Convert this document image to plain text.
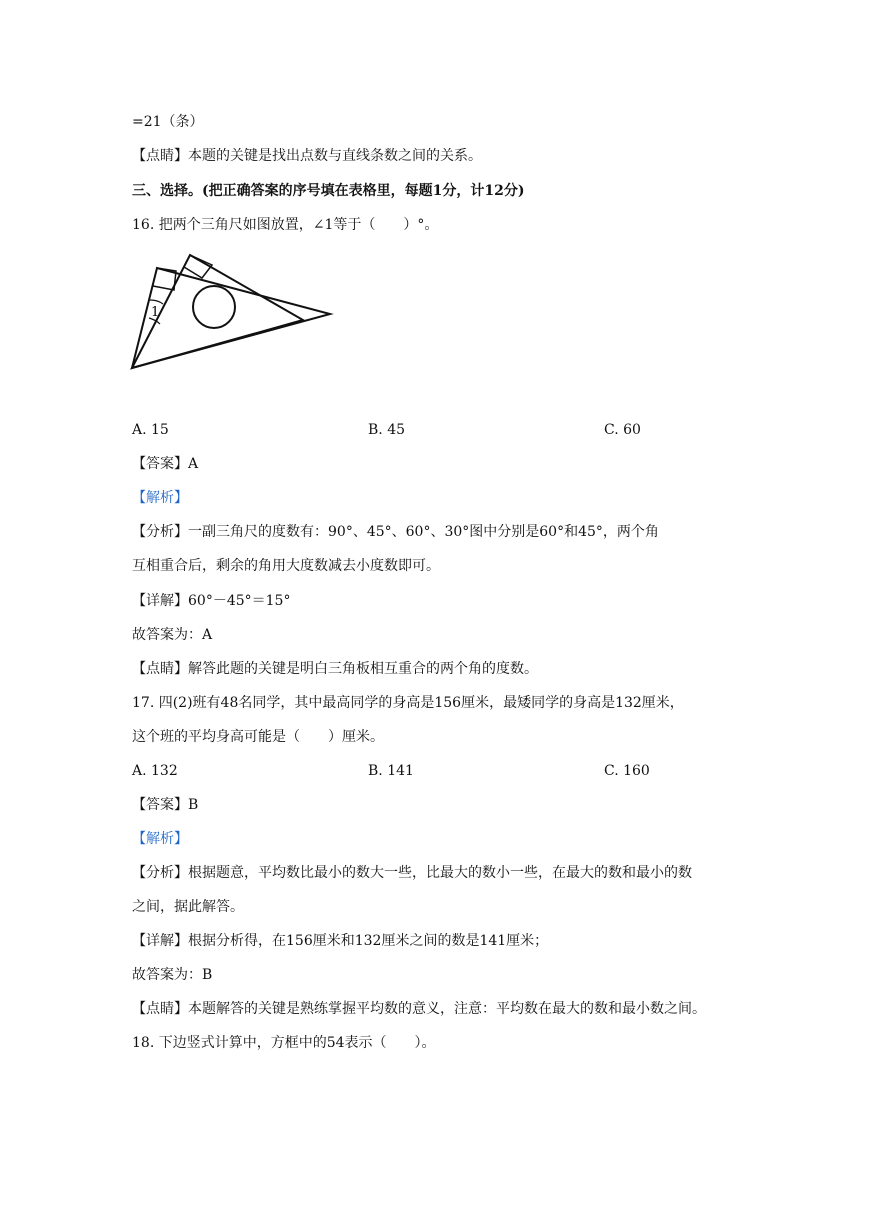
=21（条）
【点睛】本题的关键是找出点数与直线条数之间的关系。
三、选择。(把正确答案的序号填在表格里，每题1分，计12分)
16. 把两个三角尺如图放置，∠1等于（　　）°。
1
A. 15	B. 45	C. 60
【答案】A
【解析】
【分析】一副三角尺的度数有：90°、45°、60°、30°图中分别是60°和45°，两个角
互相重合后，剩余的角用大度数减去小度数即可。
【详解】60°－45°＝15°
故答案为：A
【点睛】解答此题的关键是明白三角板相互重合的两个角的度数。
17. 四(2)班有48名同学，其中最高同学的身高是156厘米，最矮同学的身高是132厘米，
这个班的平均身高可能是（　　）厘米。
A. 132	B. 141	C. 160
【答案】B
【解析】
【分析】根据题意，平均数比最小的数大一些，比最大的数小一些，在最大的数和最小的数
之间，据此解答。
【详解】根据分析得，在156厘米和132厘米之间的数是141厘米；
故答案为：B
【点睛】本题解答的关键是熟练掌握平均数的意义，注意：平均数在最大的数和最小数之间。
18. 下边竖式计算中，方框中的54表示（　　）。
